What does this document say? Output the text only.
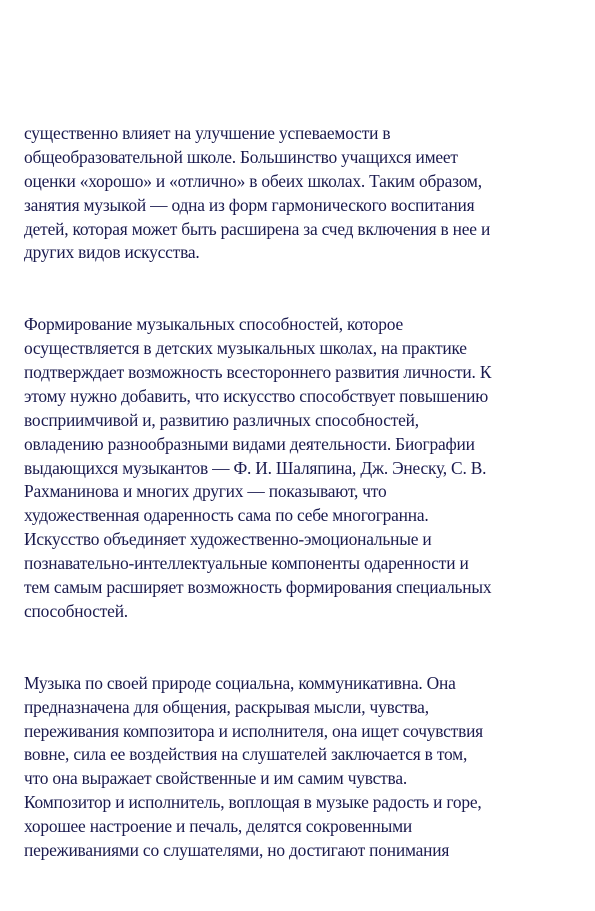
существенно влияет на улучшение успеваемости в
общеобразовательной школе. Большинство учащихся имеет
оценки «хорошо» и «отлично» в обеих школах. Таким образом,
занятия музыкой — одна из форм гармонического воспитания
детей, которая может быть расширена за счед включения в нее и
других видов искусства.

Формирование музыкальных способностей, которое
осуществляется в детских музыкальных школах, на практике
подтверждает возможность всестороннего развития личности. К
этому нужно добавить, что искусство способствует повышению
восприимчивой и, развитию различных способностей,
овладению разнообразными видами деятельности. Биографии
выдающихся музыкантов — Ф. И. Шаляпина, Дж. Энеску, С. В.
Рахманинова и многих других — показывают, что
художественная одаренность сама по себе многогранна.
Искусство объединяет художественно-эмоциональные и
познавательно-интеллектуальные компоненты одаренности и
тем самым расширяет возможность формирования специальных
способностей.

Музыка по своей природе социальна, коммуникативна. Она
предназначена для общения, раскрывая мысли, чувства,
переживания композитора и исполнителя, она ищет сочувствия
вовне, сила ее воздействия на слушателей заключается в том,
что она выражает свойственные и им самим чувства.
Композитор и исполнитель, воплощая в музыке радость и горе,
хорошее настроение и печаль, делятся сокровенными
переживаниями со слушателями, но достигают понимания
